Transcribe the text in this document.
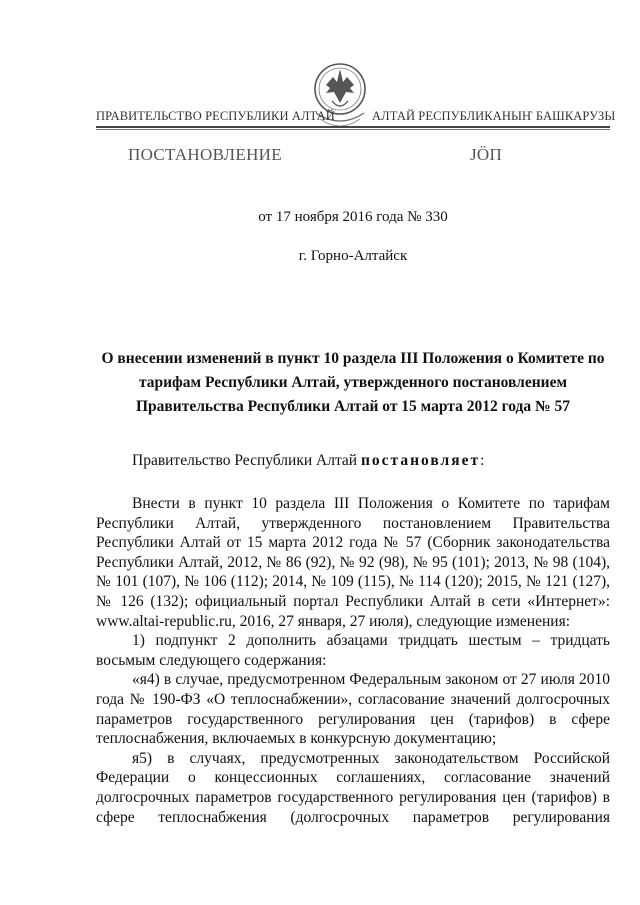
ПРАВИТЕЛЬСТВО РЕСПУБЛИКИ АЛТАЙ	АЛТАЙ РЕСПУБЛИКАНЫҤ БАШКАРУЗЫ
ПОСТАНОВЛЕНИЕ	ЈӦП
от 17 ноября 2016 года № 330
г. Горно-Алтайск
О внесении изменений в пункт 10 раздела III Положения о Комитете по
тарифам Республики Алтай, утвержденного постановлением
Правительства Республики Алтай от 15 марта 2012 года № 57
Правительство Республики Алтай постановляет:
Внести в пункт 10 раздела III Положения о Комитете по тарифам
Республики Алтай, утвержденного постановлением Правительства
Республики Алтай от 15 марта 2012 года № 57 (Сборник законодательства
Республики Алтай, 2012, № 86 (92), № 92 (98), № 95 (101); 2013, № 98 (104),
№ 101 (107), № 106 (112); 2014, № 109 (115), № 114 (120); 2015, № 121 (127),
№ 126 (132); официальный портал Республики Алтай в сети «Интернет»:
www.altai-republic.ru, 2016, 27 января, 27 июля), следующие изменения:
1) подпункт 2 дополнить абзацами тридцать шестым – тридцать
восьмым следующего содержания:
«я4) в случае, предусмотренном Федеральным законом от 27 июля 2010
года № 190-ФЗ «О теплоснабжении», согласование значений долгосрочных
параметров государственного регулирования цен (тарифов) в сфере
теплоснабжения, включаемых в конкурсную документацию;
я5) в случаях, предусмотренных законодательством Российской
Федерации о концессионных соглашениях, согласование значений
долгосрочных параметров государственного регулирования цен (тарифов) в
сфере теплоснабжения (долгосрочных параметров регулирования
